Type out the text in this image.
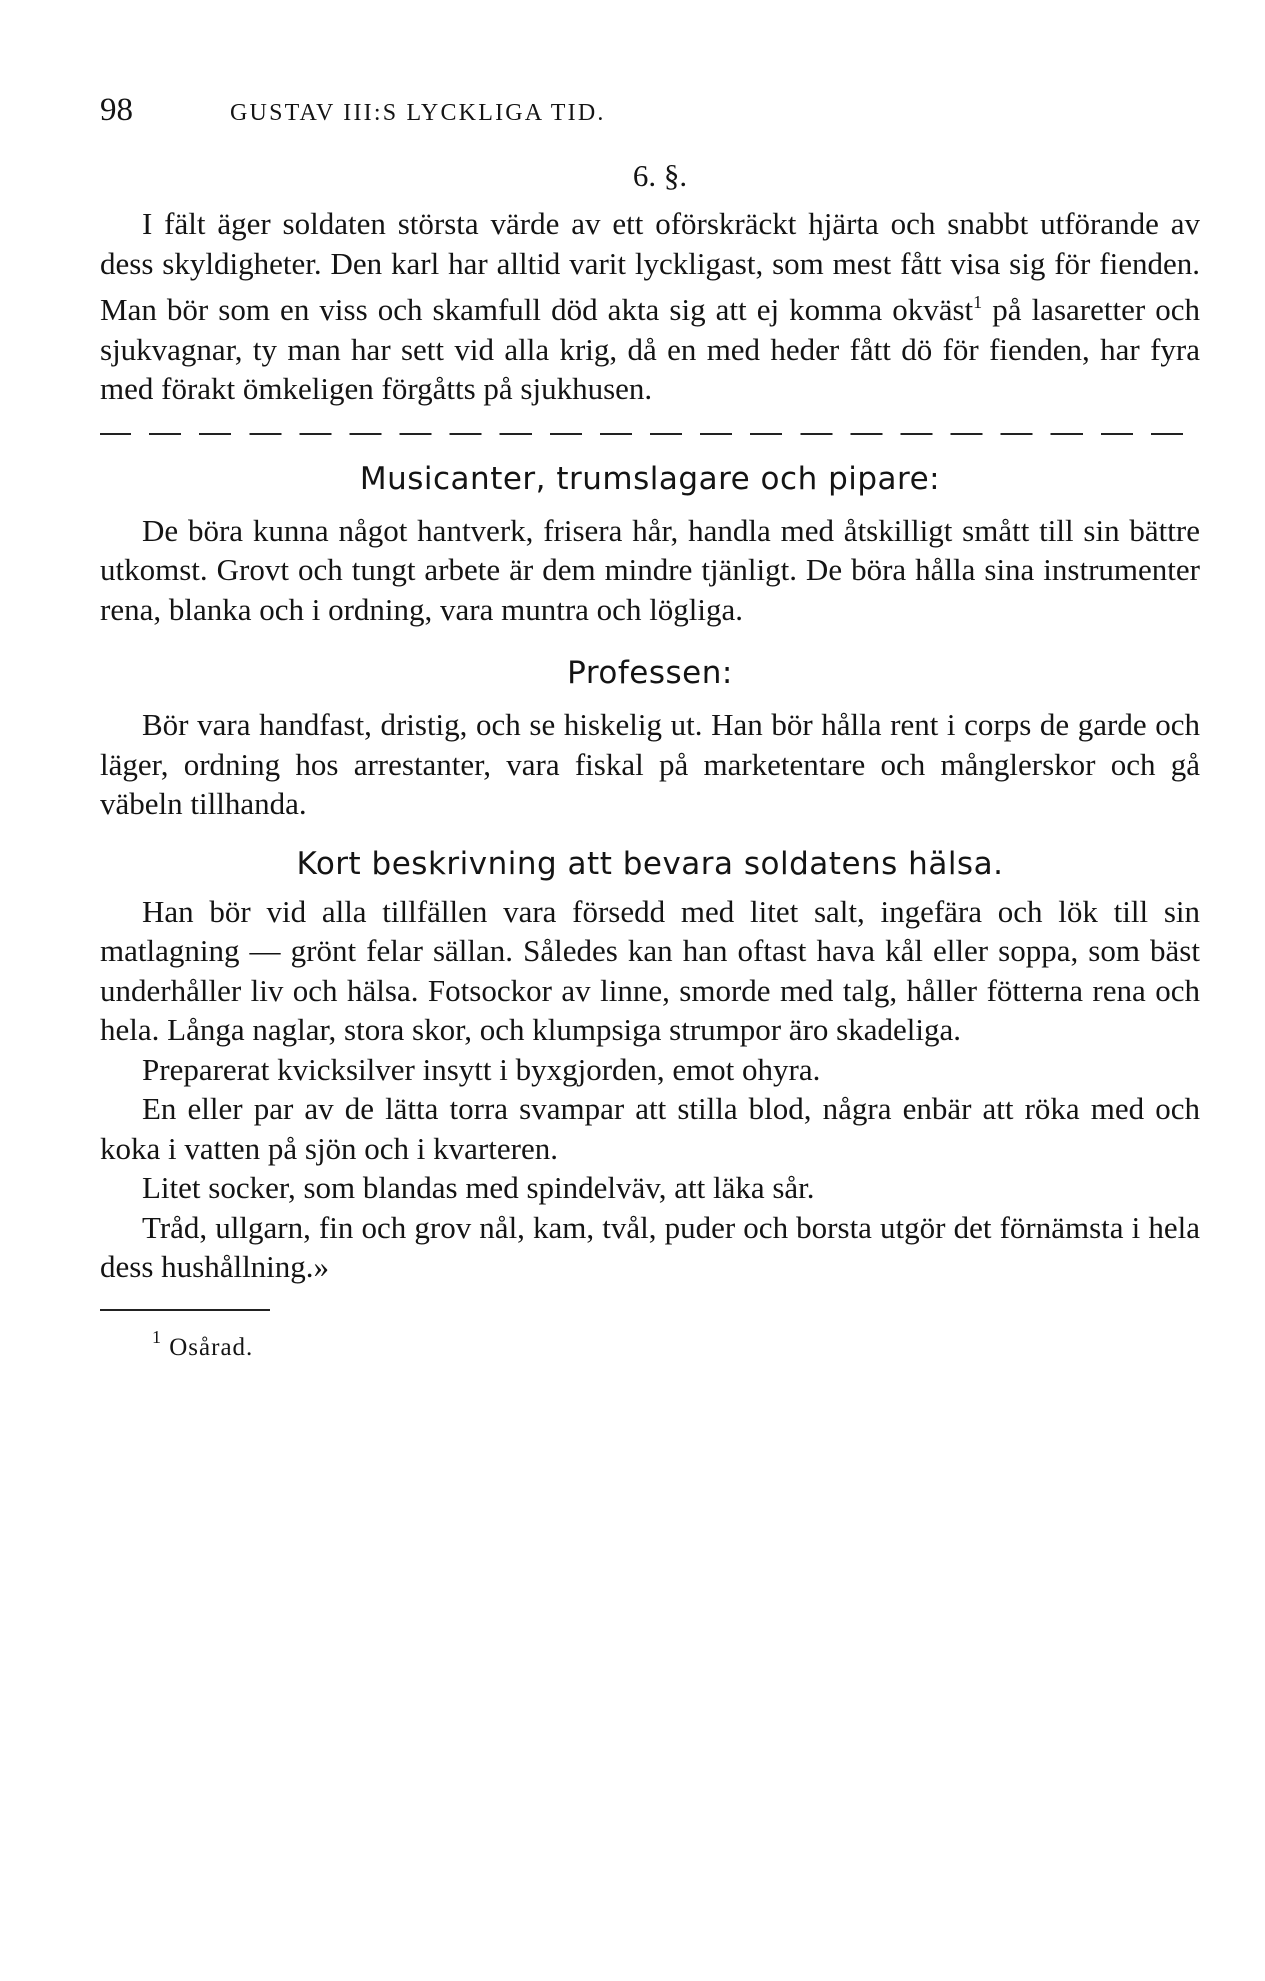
98	GUSTAV III:S LYCKLIGA TID.
6. §.

I fält äger soldaten största värde av ett oförskräckt hjärta och snabbt utförande av dess skyldigheter. Den karl har alltid varit lyckligast, som mest fått visa sig för fienden. Man bör som en viss och skamfull död akta sig att ej komma okväst$^1$ på lasaretter och sjukvagnar, ty man har sett vid alla krig, då en med heder fått dö för fienden, har fyra med förakt ömkeligen förgåtts på sjukhusen.

Musicanter, trumslagare och pipare:

De böra kunna något hantverk, frisera hår, handla med åtskilligt smått till sin bättre utkomst. Grovt och tungt arbete är dem mindre tjänligt. De böra hålla sina instrumenter rena, blanka och i ordning, vara muntra och lögliga.

Professen:

Bör vara handfast, dristig, och se hiskelig ut. Han bör hålla rent i corps de garde och läger, ordning hos arrestanter, vara fiskal på marketentare och månglerskor och gå väbeln tillhanda.

Kort beskrivning att bevara soldatens hälsa.

Han bör vid alla tillfällen vara försedd med litet salt, ingefära och lök till sin matlagning — grönt felar sällan. Således kan han oftast hava kål eller soppa, som bäst underhåller liv och hälsa. Fotsockor av linne, smorde med talg, håller fötterna rena och hela. Långa naglar, stora skor, och klumpsiga strumpor äro skadeliga.

Preparerat kvicksilver insytt i byxgjorden, emot ohyra.

En eller par av de lätta torra svampar att stilla blod, några enbär att röka med och koka i vatten på sjön och i kvarteren.

Litet socker, som blandas med spindelväv, att läka sår.

Tråd, ullgarn, fin och grov nål, kam, tvål, puder och borsta utgör det förnämsta i hela dess hushållning.»

$^1$ Osårad.
